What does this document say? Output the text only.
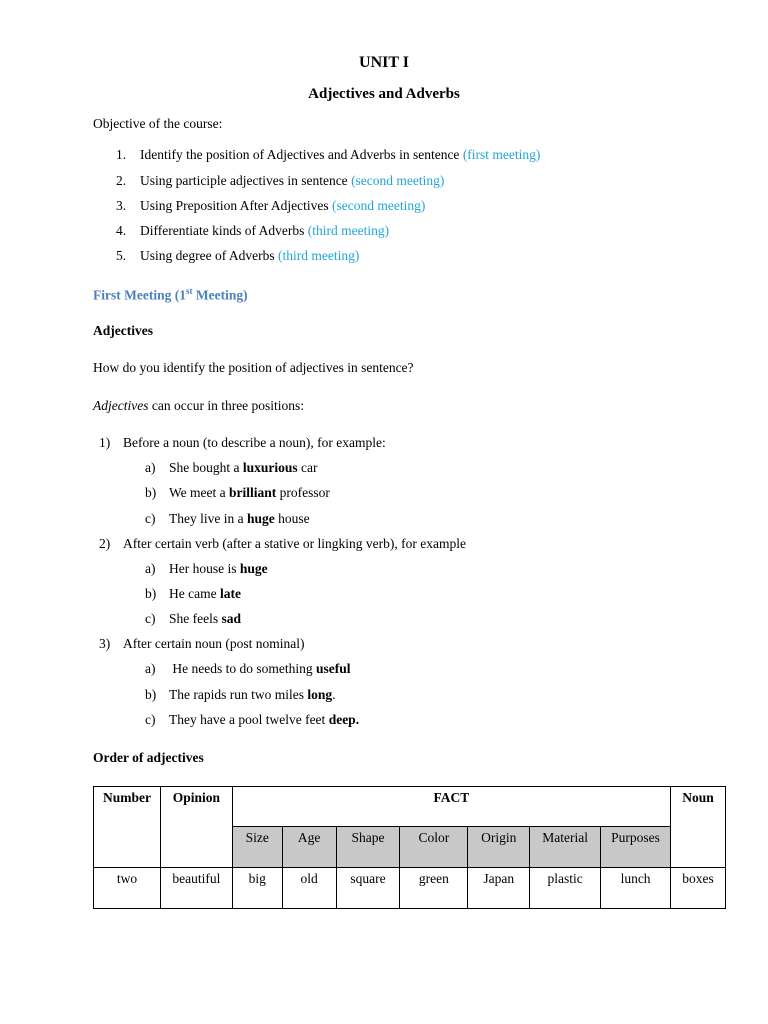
UNIT I
Adjectives and Adverbs
Objective of the course:
1. Identify the position of Adjectives and Adverbs in sentence (first meeting)
2. Using participle adjectives in sentence (second meeting)
3. Using Preposition After Adjectives (second meeting)
4. Differentiate kinds of Adverbs (third meeting)
5. Using degree of Adverbs (third meeting)
First Meeting (1st Meeting)
Adjectives
How do you identify the position of adjectives in sentence?
Adjectives can occur in three positions:
1) Before a noun (to describe a noun), for example:
a) She bought a luxurious car
b) We meet a brilliant professor
c) They live in a huge house
2) After certain verb (after a stative or lingking verb), for example
a) Her house is huge
b) He came late
c) She feels sad
3) After certain noun (post nominal)
a) He needs to do something useful
b) The rapids run two miles long.
c) They have a pool twelve feet deep.
Order of adjectives
Number	Opinion	FACT							Noun
		Size	Age	Shape	Color	Origin	Material	Purposes	
two	beautiful	big	old	square	green	Japan	plastic	lunch	boxes
